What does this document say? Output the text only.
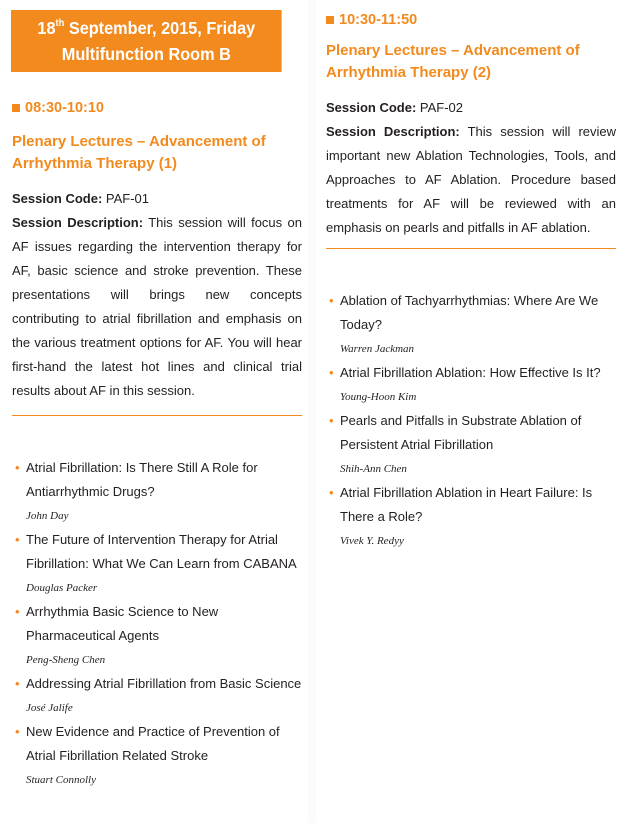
18th September, 2015, Friday
Multifunction Room B
08:30-10:10
Plenary Lectures – Advancement of Arrhythmia Therapy (1)
Session Code: PAF-01
Session Description: This session will focus on AF issues regarding the intervention therapy for AF, basic science and stroke prevention. These presentations will brings new concepts contributing to atrial fibrillation and emphasis on the various treatment options for AF. You will hear first-hand the latest hot lines and clinical trial results about AF in this session.
• Atrial Fibrillation: Is There Still A Role for Antiarrhythmic Drugs?
John Day
• The Future of Intervention Therapy for Atrial Fibrillation: What We Can Learn from CABANA
Douglas Packer
• Arrhythmia Basic Science to New Pharmaceutical Agents
Peng-Sheng Chen
• Addressing Atrial Fibrillation from Basic Science
José Jalife
• New Evidence and Practice of Prevention of Atrial Fibrillation Related Stroke
Stuart Connolly
10:30-11:50
Plenary Lectures – Advancement of Arrhythmia Therapy (2)
Session Code: PAF-02
Session Description: This session will review important new Ablation Technologies, Tools, and Approaches to AF Ablation. Procedure based treatments for AF will be reviewed with an emphasis on pearls and pitfalls in AF ablation.
• Ablation of Tachyarrhythmias: Where Are We Today?
Warren Jackman
• Atrial Fibrillation Ablation: How Effective Is It?
Young-Hoon Kim
• Pearls and Pitfalls in Substrate Ablation of Persistent Atrial Fibrillation
Shih-Ann Chen
• Atrial Fibrillation Ablation in Heart Failure: Is There a Role?
Vivek Y. Redyy
